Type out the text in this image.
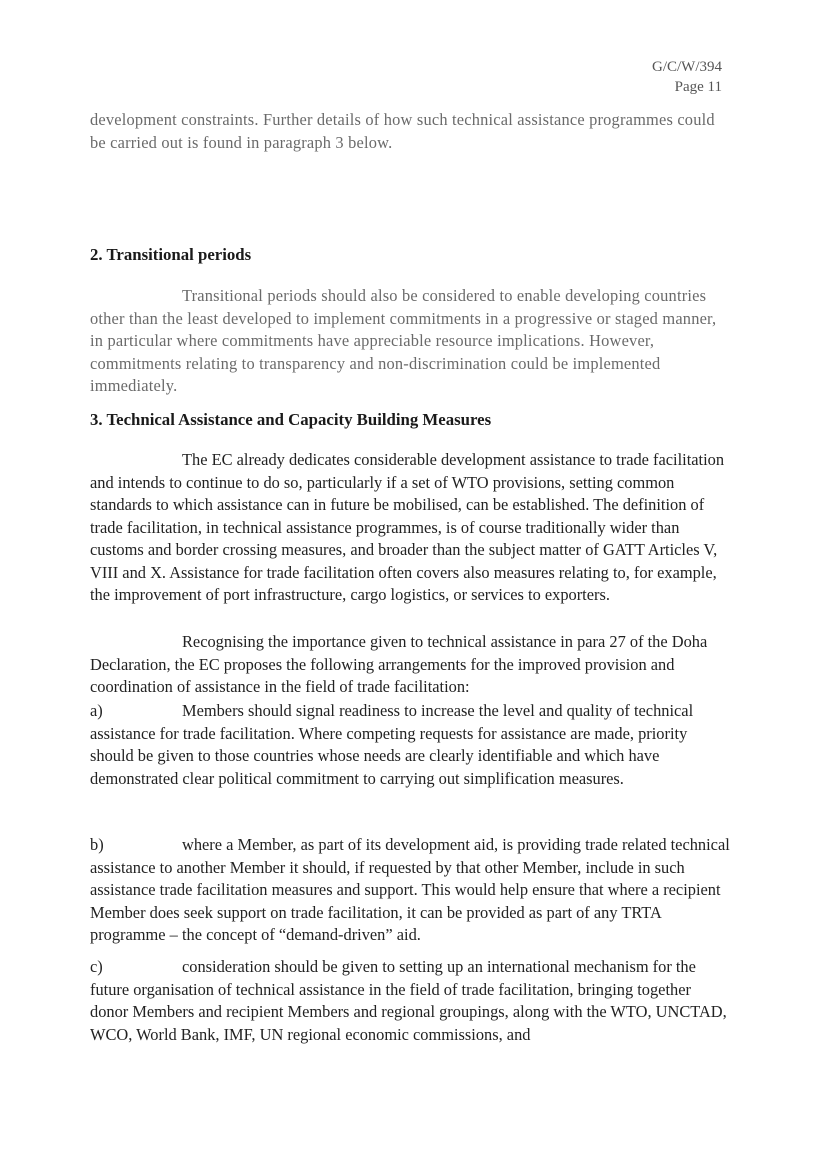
G/C/W/394
Page 11

development constraints. Further details of how such technical assistance programmes could be carried out is found in paragraph 3 below.

2. Transitional periods

Transitional periods should also be considered to enable developing countries other than the least developed to implement commitments in a progressive or staged manner, in particular where commitments have appreciable resource implications. However, commitments relating to transparency and non-discrimination could be implemented immediately.

3. Technical Assistance and Capacity Building Measures

The EC already dedicates considerable development assistance to trade facilitation and intends to continue to do so, particularly if a set of WTO provisions, setting common standards to which assistance can in future be mobilised, can be established. The definition of trade facilitation, in technical assistance programmes, is of course traditionally wider than customs and border crossing measures, and broader than the subject matter of GATT Articles V, VIII and X. Assistance for trade facilitation often covers also measures relating to, for example, the improvement of port infrastructure, cargo logistics, or services to exporters.

Recognising the importance given to technical assistance in para 27 of the Doha Declaration, the EC proposes the following arrangements for the improved provision and coordination of assistance in the field of trade facilitation:

a)	Members should signal readiness to increase the level and quality of technical assistance for trade facilitation. Where competing requests for assistance are made, priority should be given to those countries whose needs are clearly identifiable and which have demonstrated clear political commitment to carrying out simplification measures.

b)	where a Member, as part of its development aid, is providing trade related technical assistance to another Member it should, if requested by that other Member, include in such assistance trade facilitation measures and support. This would help ensure that where a recipient Member does seek support on trade facilitation, it can be provided as part of any TRTA programme – the concept of “demand-driven” aid.

c)	consideration should be given to setting up an international mechanism for the future organisation of technical assistance in the field of trade facilitation, bringing together donor Members and recipient Members and regional groupings, along with the WTO, UNCTAD, WCO, World Bank, IMF, UN regional economic commissions, and
